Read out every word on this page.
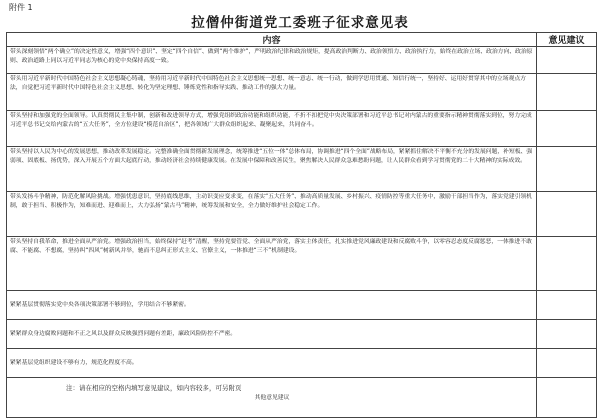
附件 1
拉僧仲街道党工委班子征求意见表
内容	意见建议
带头深刻领悟“两个确立”的决定性意义，增强“四个意识”、坚定“四个自信”、做到“两个维护”，严明政治纪律和政治规矩，提高政治判断力、政治领悟力、政治执行力，始终在政治立场、政治方向、政治原则、政治道路上同以习近平同志为核心的党中央保持高度一致。	
带头用习近平新时代中国特色社会主义思想凝心铸魂，坚持用习近平新时代中国特色社会主义思想统一思想、统一意志、统一行动，做到学思用贯通、知信行统一，坚持好、运用好贯穿其中的立场观点方法，自觉把习近平新时代中国特色社会主义思想、转化为坚定理想、锤炼党性和指导实践、推动工作的强大力量。	
带头坚持和加强党的全面领导。认真贯彻民主集中制，创新和改进领导方式，增强党组织政治功能和组织功能，不折不扣把党中央决策部署和习近平总书记对内蒙古的重要指示精神贯彻落实到位，努力完成习近平总书记交给内蒙古的“五大任务”，全方位建设“模范自治区”，把各领域广大群众组织起来、凝聚起来，共同奋斗。	
带头坚持以人民为中心的发展思想，推动改革发展稳定。完整准确全面贯彻新发展理念，统筹推进“五位一体”总体布局，协调推进“四个全面”战略布局，紧紧抓住解决不平衡不充分的发展问题，补短板、强弱项、固底板、扬优势，深入开展五个方面大起底行动，推动经济社会持续健康发展。在发展中保障和改善民生，聚焦解决人民群众急难愁盼问题，让人民群众看到学习贯彻党的二十大精神的实际成效。	
带头发扬斗争精神，防范化解风险挑战。增强忧患意识，坚持底线思维，主动识变应变求变，在落实“五大任务”、推动高质量发展、乡村振兴、疫情防控等重大任务中，激励干部担当作为，落实党建引领机制，敢于担当、积极作为，知难而进、迎难而上，大力弘扬“蒙古马”精神，统筹发展和安全，全力做好维护社会稳定工作。	
带头坚持自我革命，推进全面从严治党。增强政治担当，始终保持“赶考”清醒，坚持党要管党、全面从严治党，落实主体责任，扎实推进党风廉政建设和反腐败斗争，以零容忍态度反腐惩恶，一体推进不敢腐、不能腐、不想腐，坚持纠“四风”树新风并举，驰而不息纠正形式主义、官僚主义，一体推进“三不”机制建设。	
紧紧基层贯彻落实党中央各项决策部署不够到位，学用结合不够紧密。	
紧紧群众身边腐败问题和不正之风以及群众反映强烈问题有差距，廉政风险防控不严密。	
紧紧基层党组织建设不够有力，规范化程度不高。	
其他意见建议	
注：请在相应的空格内填写意见建议，如内容较多，可另附页
